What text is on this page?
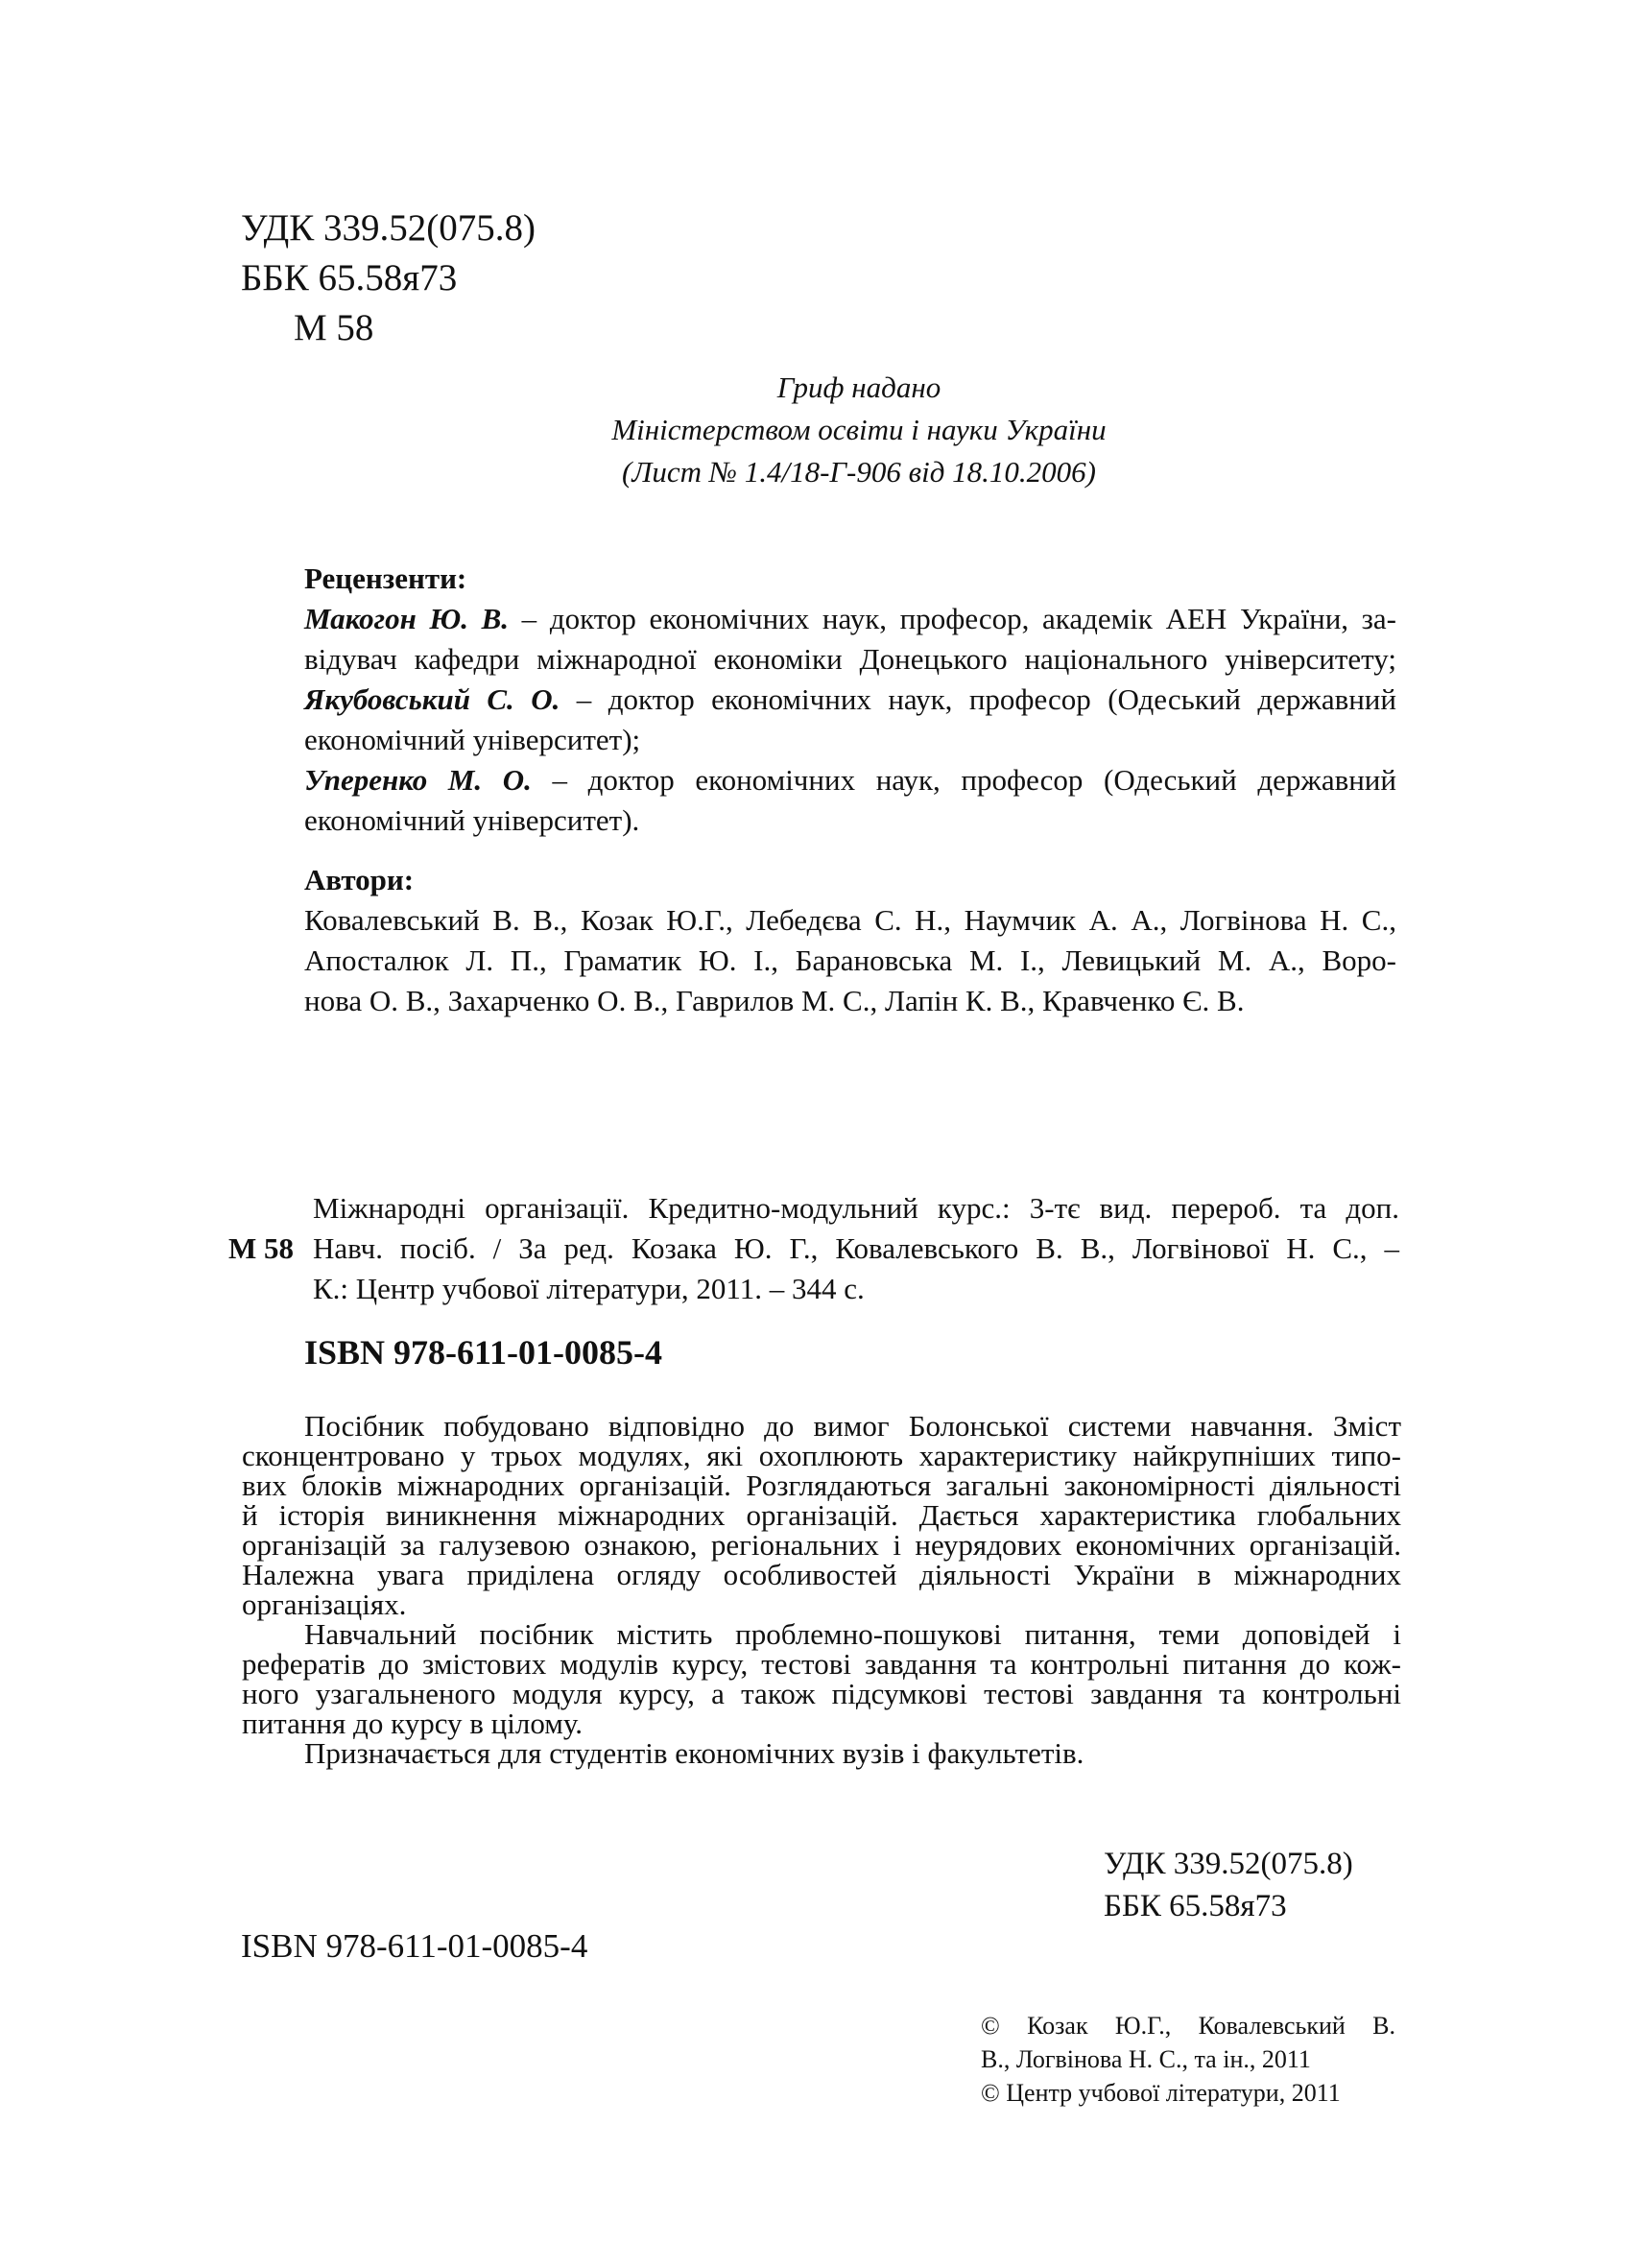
УДК 339.52(075.8)
ББК 65.58я73
М 58
Гриф надано
Міністерством освіти і науки України
(Лист № 1.4/18-Г-906 від 18.10.2006)
Рецензенти:
Макогон Ю. В. – доктор економічних наук, професор, академік АЕН України, за-
відувач кафедри міжнародної економіки Донецького національного університету;
Якубовський С. О. – доктор економічних наук, професор (Одеський державний
економічний університет);
Уперенко М. О. – доктор економічних наук, професор (Одеський державний
економічний університет).
Автори:
Ковалевський В. В., Козак Ю.Г., Лебедєва С. Н., Наумчик А. А., Логвінова Н. С.,
Апосталюк Л. П., Граматик Ю. І., Барановська М. І., Левицький М. А., Воро-
нова О. В., Захарченко О. В., Гаврилов М. С., Лапін К. В., Кравченко Є. В.
М 58
Міжнародні організації. Кредитно-модульний курс.: 3-тє вид. перероб. та доп.
Навч. посіб. / За ред. Козака Ю. Г., Ковалевського В. В., Логвінової Н. С., –
К.: Центр учбової літератури, 2011. – 344 с.
ISBN 978-611-01-0085-4
Посібник побудовано відповідно до вимог Болонської системи навчання. Зміст
сконцентровано у трьох модулях, які охоплюють характеристику найкрупніших типо-
вих блоків міжнародних організацій. Розглядаються загальні закономірності діяльності
й історія виникнення міжнародних організацій. Дається характеристика глобальних
організацій за галузевою ознакою, регіональних і неурядових економічних організацій.
Належна увага приділена огляду особливостей діяльності України в міжнародних
організаціях.
Навчальний посібник містить проблемно-пошукові питання, теми доповідей і
рефератів до змістових модулів курсу, тестові завдання та контрольні питання до кож-
ного узагальненого модуля курсу, а також підсумкові тестові завдання та контрольні
питання до курсу в цілому.
Призначається для студентів економічних вузів і факультетів.
УДК 339.52(075.8)
ББК 65.58я73
ISBN 978-611-01-0085-4
© Козак Ю.Г., Ковалевський В.
В., Логвінова Н. С., та ін., 2011
© Центр учбової літератури, 2011
